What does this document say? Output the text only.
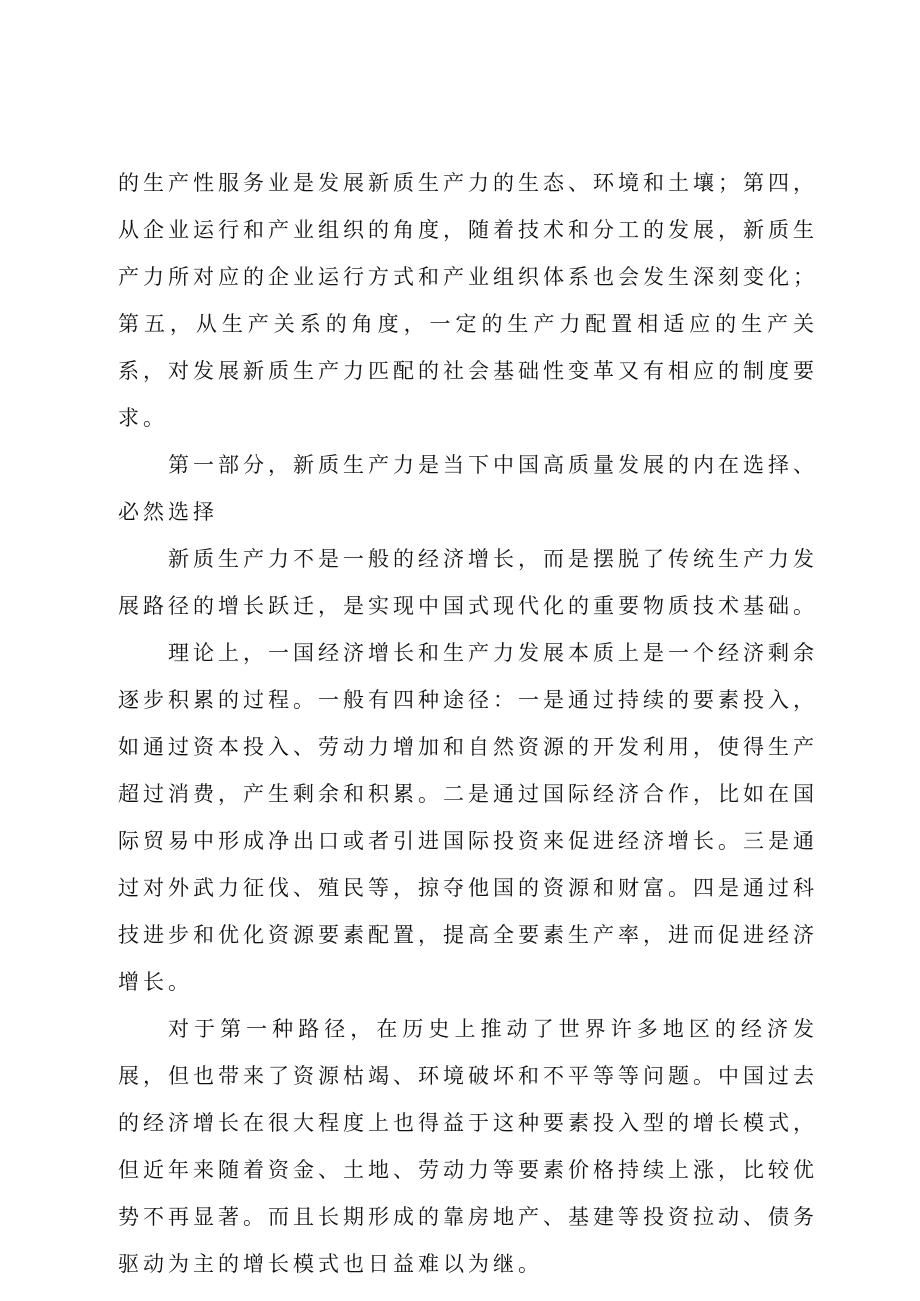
的生产性服务业是发展新质生产力的生态、环境和土壤；第四，从企业运行和产业组织的角度，随着技术和分工的发展，新质生产力所对应的企业运行方式和产业组织体系也会发生深刻变化；第五，从生产关系的角度，一定的生产力配置相适应的生产关系，对发展新质生产力匹配的社会基础性变革又有相应的制度要求。

第一部分，新质生产力是当下中国高质量发展的内在选择、必然选择

新质生产力不是一般的经济增长，而是摆脱了传统生产力发展路径的增长跃迁，是实现中国式现代化的重要物质技术基础。

理论上，一国经济增长和生产力发展本质上是一个经济剩余逐步积累的过程。一般有四种途径：一是通过持续的要素投入，如通过资本投入、劳动力增加和自然资源的开发利用，使得生产超过消费，产生剩余和积累。二是通过国际经济合作，比如在国际贸易中形成净出口或者引进国际投资来促进经济增长。三是通过对外武力征伐、殖民等，掠夺他国的资源和财富。四是通过科技进步和优化资源要素配置，提高全要素生产率，进而促进经济增长。

对于第一种路径，在历史上推动了世界许多地区的经济发展，但也带来了资源枯竭、环境破坏和不平等等问题。中国过去的经济增长在很大程度上也得益于这种要素投入型的增长模式，但近年来随着资金、土地、劳动力等要素价格持续上涨，比较优势不再显著。而且长期形成的靠房地产、基建等投资拉动、债务驱动为主的增长模式也日益难以为继。
